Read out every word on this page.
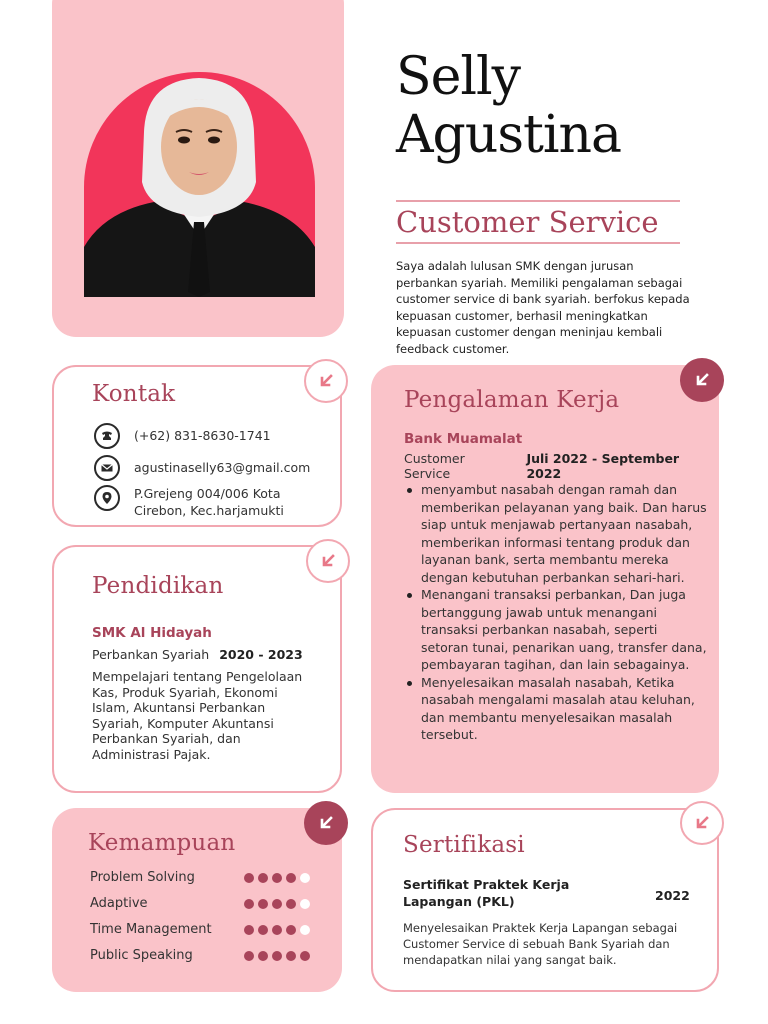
Selly
Agustina
Customer Service

Saya adalah lulusan SMK dengan jurusan perbankan syariah. Memiliki pengalaman sebagai customer service di bank syariah. berfokus kepada kepuasan customer, berhasil meningkatkan kepuasan customer dengan meninjau kembali feedback customer.

Kontak
(+62) 831-8630-1741
agustinaselly63@gmail.com
P.Grejeng 004/006 Kota
Cirebon, Kec.harjamukti
Pendidikan
SMK Al Hidayah
Perbankan Syariah 2020 - 2023

Mempelajari tentang Pengelolaan Kas, Produk Syariah, Ekonomi Islam, Akuntansi Perbankan Syariah, Komputer Akuntansi Perbankan Syariah, dan Administrasi Pajak.

Kemampuan
Problem Solving
Adaptive
Time Management
Public Speaking
Pengalaman Kerja
Bank Muamalat
Customer Service
Juli 2022 - September 2022
menyambut nasabah dengan ramah dan memberikan pelayanan yang baik. Dan harus siap untuk menjawab pertanyaan nasabah, memberikan informasi tentang produk dan layanan bank, serta membantu mereka dengan kebutuhan perbankan sehari-hari.
Menangani transaksi perbankan, Dan juga bertanggung jawab untuk menangani transaksi perbankan nasabah, seperti setoran tunai, penarikan uang, transfer dana, pembayaran tagihan, dan lain sebagainya.
Menyelesaikan masalah nasabah, Ketika nasabah mengalami masalah atau keluhan, dan membantu menyelesaikan masalah tersebut.
Sertifikasi
Sertifikat Praktek Kerja
Lapangan (PKL)	2022

Menyelesaikan Praktek Kerja Lapangan sebagai Customer Service di sebuah Bank Syariah dan mendapatkan nilai yang sangat baik.
